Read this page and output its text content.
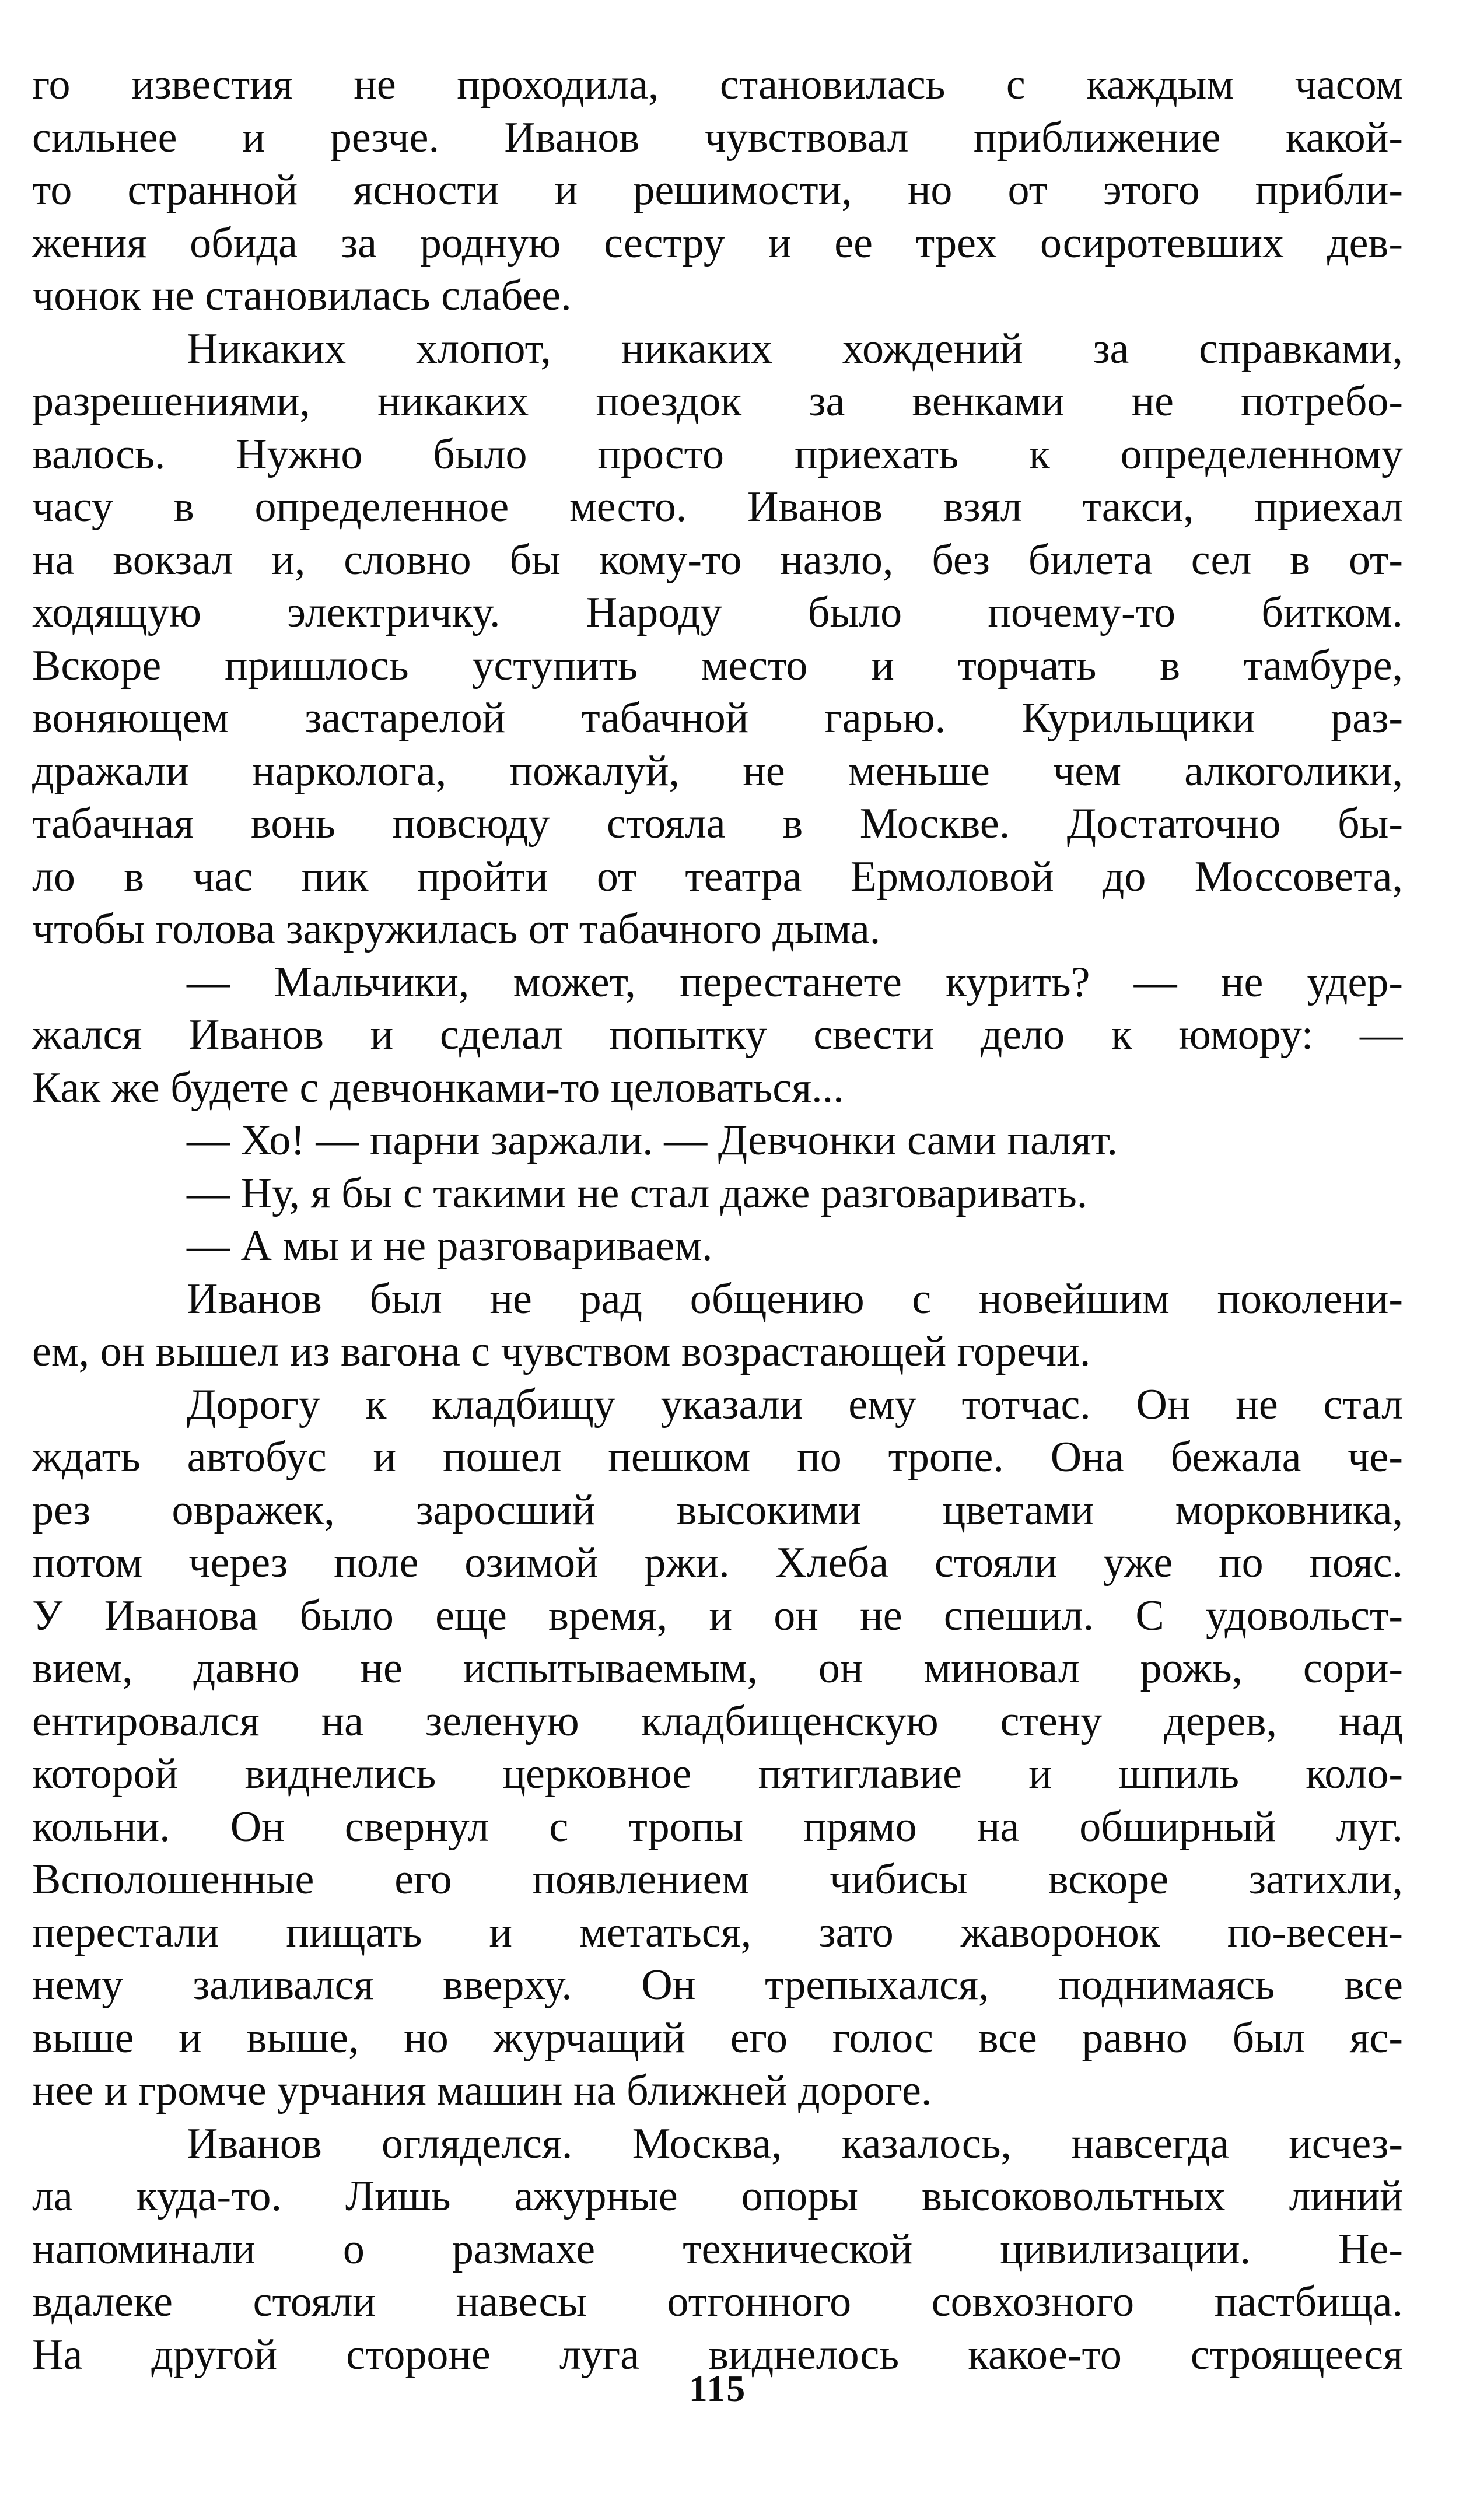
го известия не проходила, становилась с каждым часом
сильнее и резче. Иванов чувствовал приближение какой-
то странной ясности и решимости, но от этого прибли-
жения обида за родную сестру и ее трех осиротевших дев-
чонок не становилась слабее.
Никаких хлопот, никаких хождений за справками,
разрешениями, никаких поездок за венками не потребо-
валось. Нужно было просто приехать к определенному
часу в определенное место. Иванов взял такси, приехал
на вокзал и, словно бы кому-то назло, без билета сел в от-
ходящую электричку. Народу было почему-то битком.
Вскоре пришлось уступить место и торчать в тамбуре,
воняющем застарелой табачной гарью. Курильщики раз-
дражали нарколога, пожалуй, не меньше чем алкоголики,
табачная вонь повсюду стояла в Москве. Достаточно бы-
ло в час пик пройти от театра Ермоловой до Моссовета,
чтобы голова закружилась от табачного дыма.
— Мальчики, может, перестанете курить? — не удер-
жался Иванов и сделал попытку свести дело к юмору: —
Как же будете с девчонками-то целоваться...
— Хо! — парни заржали. — Девчонки сами палят.
— Ну, я бы с такими не стал даже разговаривать.
— А мы и не разговариваем.
Иванов был не рад общению с новейшим поколени-
ем, он вышел из вагона с чувством возрастающей горечи.
Дорогу к кладбищу указали ему тотчас. Он не стал
ждать автобус и пошел пешком по тропе. Она бежала че-
рез овражек, заросший высокими цветами морковника,
потом через поле озимой ржи. Хлеба стояли уже по пояс.
У Иванова было еще время, и он не спешил. С удовольст-
вием, давно не испытываемым, он миновал рожь, сори-
ентировался на зеленую кладбищенскую стену дерев, над
которой виднелись церковное пятиглавие и шпиль коло-
кольни. Он свернул с тропы прямо на обширный луг.
Всполошенные его появлением чибисы вскоре затихли,
перестали пищать и метаться, зато жаворонок по-весен-
нему заливался вверху. Он трепыхался, поднимаясь все
выше и выше, но журчащий его голос все равно был яс-
нее и громче урчания машин на ближней дороге.
Иванов огляделся. Москва, казалось, навсегда исчез-
ла куда-то. Лишь ажурные опоры высоковольтных линий
напоминали о размахе технической цивилизации. Не-
вдалеке стояли навесы отгонного совхозного пастбища.
На другой стороне луга виднелось какое-то строящееся
115
